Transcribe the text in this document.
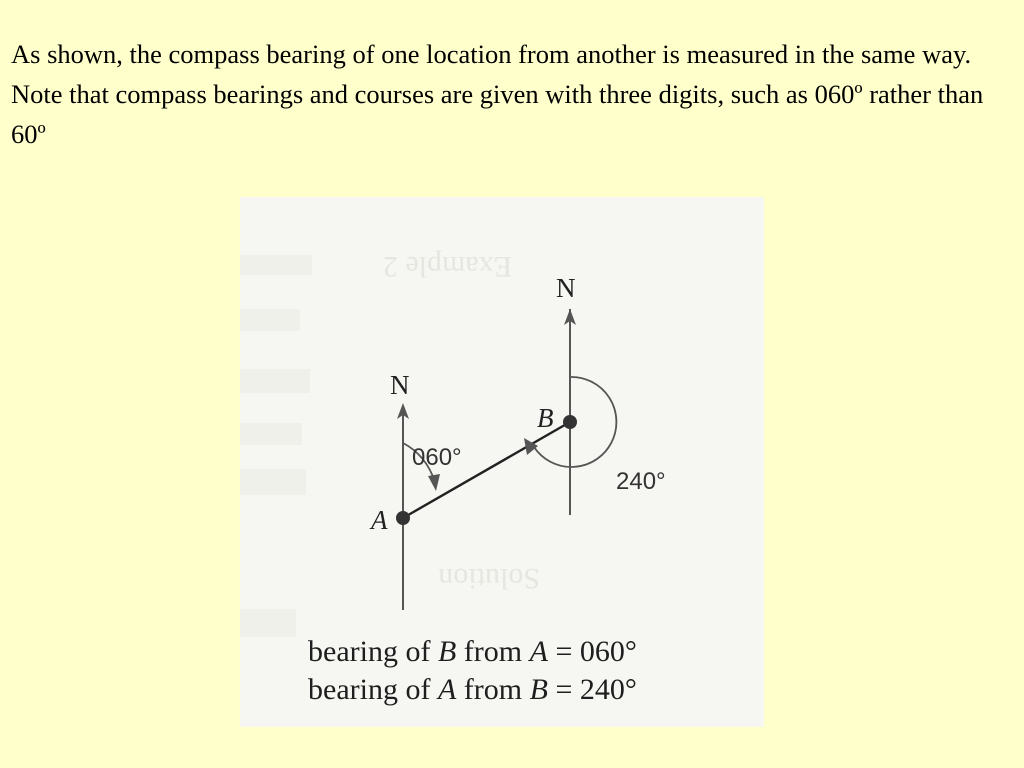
As shown, the compass bearing of one location from another is measured in the same way. Note that compass bearings and courses are given with three digits, such as 060º rather than 60º

Example 2
Solution
N
N
060°
240°
A
B
bearing of B from A = 060°
bearing of A from B = 240°
